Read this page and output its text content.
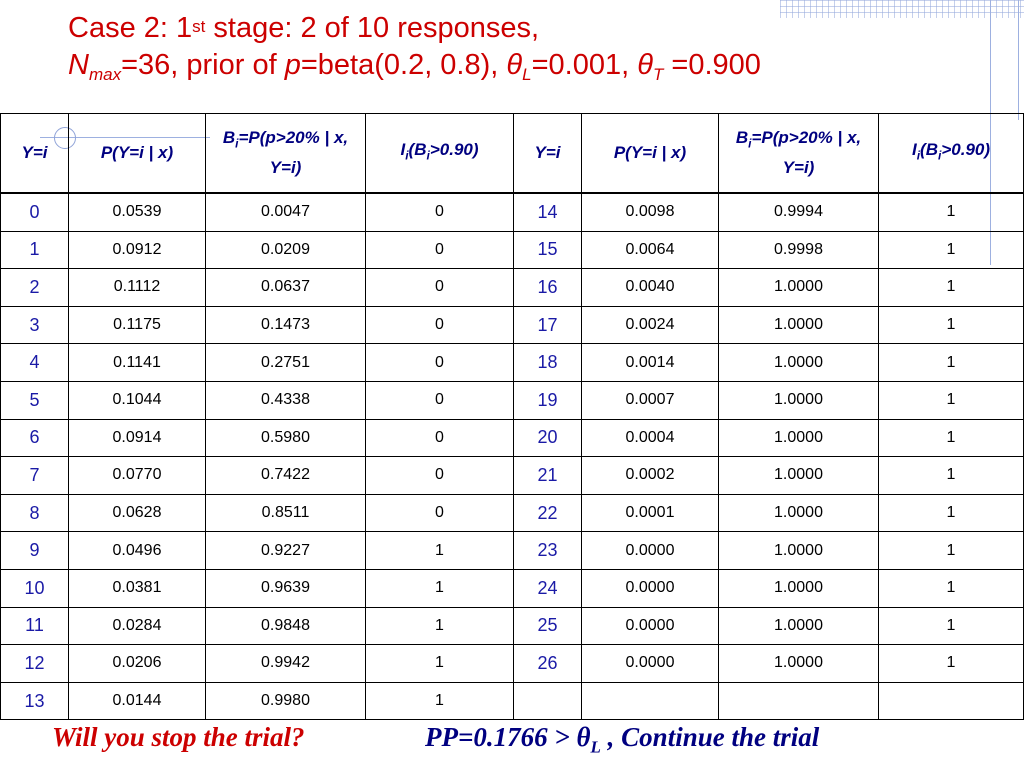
Case 2: 1st stage: 2 of 10 responses,
$N_{max}=36$, prior of p=beta(0.2, 0.8), $\theta_L=0.001$, $\theta_T =0.900$
Y=i	P(Y=i | x)	$B_i=P(p>20\%$ | x, Y=i)	$I_i(B_i>0.90)$	Y=i	P(Y=i | x)	$B_i=P(p>20\%$ | x, Y=i)	$I_i(B_i>0.90)$
0	0.0539	0.0047	0	14	0.0098	0.9994	1
1	0.0912	0.0209	0	15	0.0064	0.9998	1
2	0.1112	0.0637	0	16	0.0040	1.0000	1
3	0.1175	0.1473	0	17	0.0024	1.0000	1
4	0.1141	0.2751	0	18	0.0014	1.0000	1
5	0.1044	0.4338	0	19	0.0007	1.0000	1
6	0.0914	0.5980	0	20	0.0004	1.0000	1
7	0.0770	0.7422	0	21	0.0002	1.0000	1
8	0.0628	0.8511	0	22	0.0001	1.0000	1
9	0.0496	0.9227	1	23	0.0000	1.0000	1
10	0.0381	0.9639	1	24	0.0000	1.0000	1
11	0.0284	0.9848	1	25	0.0000	1.0000	1
12	0.0206	0.9942	1	26	0.0000	1.0000	1
13	0.0144	0.9980	1				
Will you stop the trial?	$PP=0.1766 > \theta_L$ , Continue the trial
